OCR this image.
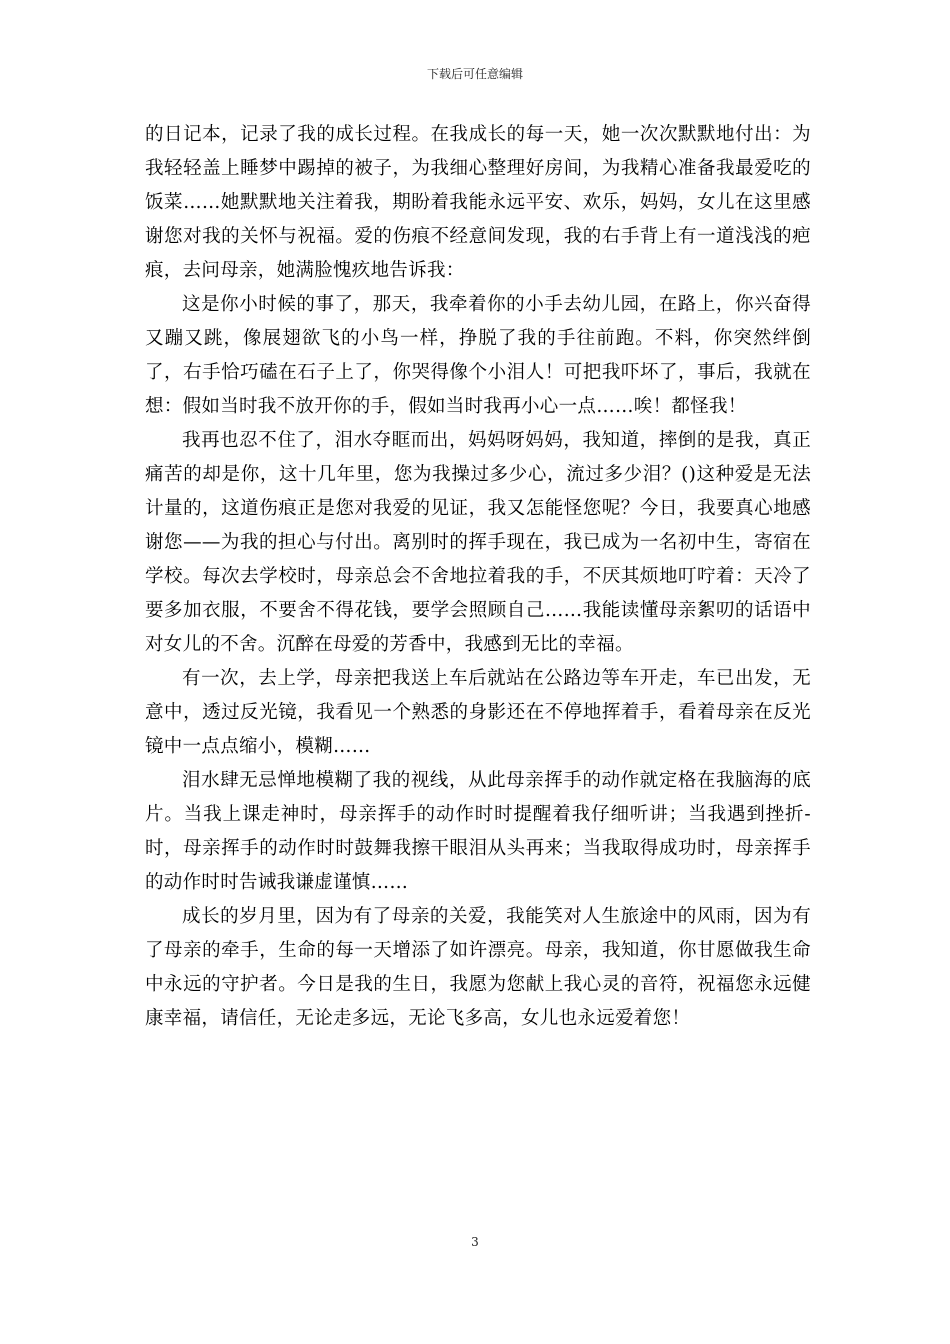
下载后可任意编辑

的日记本，记录了我的成长过程。在我成长的每一天，她一次次默默地付出：为我轻轻盖上睡梦中踢掉的被子，为我细心整理好房间，为我精心准备我最爱吃的饭菜……她默默地关注着我，期盼着我能永远平安、欢乐，妈妈，女儿在这里感谢您对我的关怀与祝福。爱的伤痕不经意间发现，我的右手背上有一道浅浅的疤痕，去问母亲，她满脸愧疚地告诉我：

这是你小时候的事了，那天，我牵着你的小手去幼儿园，在路上，你兴奋得又蹦又跳，像展翅欲飞的小鸟一样，挣脱了我的手往前跑。不料，你突然绊倒了，右手恰巧磕在石子上了，你哭得像个小泪人！可把我吓坏了，事后，我就在想：假如当时我不放开你的手，假如当时我再小心一点……唉！都怪我！

我再也忍不住了，泪水夺眶而出，妈妈呀妈妈，我知道，摔倒的是我，真正痛苦的却是你，这十几年里，您为我操过多少心，流过多少泪？()这种爱是无法计量的，这道伤痕正是您对我爱的见证，我又怎能怪您呢？今日，我要真心地感谢您——为我的担心与付出。离别时的挥手现在，我已成为一名初中生，寄宿在学校。每次去学校时，母亲总会不舍地拉着我的手，不厌其烦地叮咛着：天冷了要多加衣服，不要舍不得花钱，要学会照顾自己……我能读懂母亲絮叨的话语中对女儿的不舍。沉醉在母爱的芳香中，我感到无比的幸福。

有一次，去上学，母亲把我送上车后就站在公路边等车开走，车已出发，无意中，透过反光镜，我看见一个熟悉的身影还在不停地挥着手，看着母亲在反光镜中一点点缩小，模糊……

泪水肆无忌惮地模糊了我的视线，从此母亲挥手的动作就定格在我脑海的底片。当我上课走神时，母亲挥手的动作时时提醒着我仔细听讲；当我遇到挫折-时，母亲挥手的动作时时鼓舞我擦干眼泪从头再来；当我取得成功时，母亲挥手的动作时时告诫我谦虚谨慎……

成长的岁月里，因为有了母亲的关爱，我能笑对人生旅途中的风雨，因为有了母亲的牵手，生命的每一天增添了如许漂亮。母亲，我知道，你甘愿做我生命中永远的守护者。今日是我的生日，我愿为您献上我心灵的音符，祝福您永远健康幸福，请信任，无论走多远，无论飞多高，女儿也永远爱着您！

3
